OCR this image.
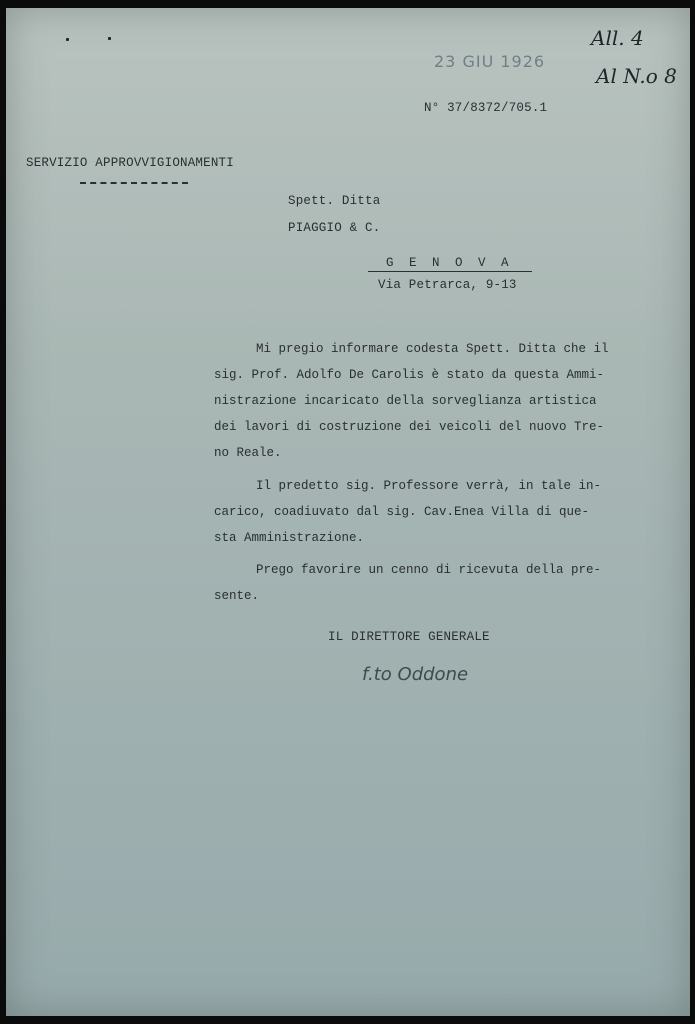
23 GIU 1926
All. 4
Al N.o 8
N° 37/8372/705.1
SERVIZIO APPROVVIGIONAMENTI
Spett. Ditta
PIAGGIO & C.
G E N O V A
Via Petrarca, 9-13
Mi pregio informare codesta Spett. Ditta che il
sig. Prof. Adolfo De Carolis è stato da questa Ammi-
nistrazione incaricato della sorveglianza artistica
dei lavori di costruzione dei veicoli del nuovo Tre-
no Reale.
Il predetto sig. Professore verrà, in tale in-
carico, coadiuvato dal sig. Cav.Enea Villa di que-
sta Amministrazione.
Prego favorire un cenno di ricevuta della pre-
sente.
IL DIRETTORE GENERALE
f.to Oddone
